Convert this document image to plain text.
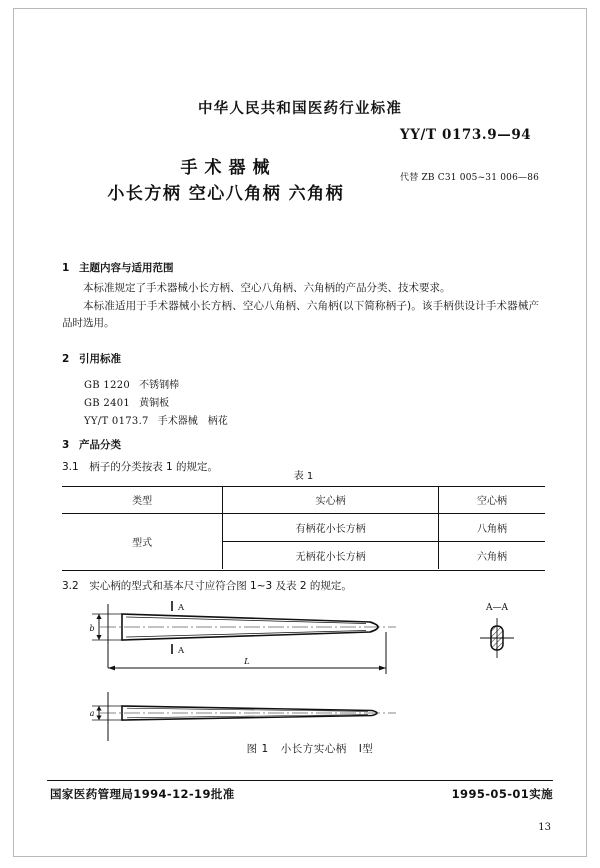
中华人民共和国医药行业标准
YY/T 0173.9—94
代替 ZB C31 005~31 006—86
手术器械
小长方柄 空心八角柄 六角柄
1 主题内容与适用范围
本标准规定了手术器械小长方柄、空心八角柄、六角柄的产品分类、技术要求。
本标准适用于手术器械小长方柄、空心八角柄、六角柄(以下简称柄子)。该手柄供设计手术器械产品时选用。
2 引用标准
GB 1220 不锈钢棒
GB 2401 黄铜板
YY/T 0173.7 手术器械　柄花
3 产品分类
3.1　柄子的分类按表 1 的规定。
表 1
类型	实心柄	空心柄
型式	有柄花小长方柄	八角柄
	无柄花小长方柄	六角柄
3.2　实心柄的型式和基本尺寸应符合图 1~3 及表 2 的规定。
b
A
A
L
a
A—A
图 1 小长方实心柄 Ⅰ型
国家医药管理局1994-12-19批准	1995-05-01实施
13
